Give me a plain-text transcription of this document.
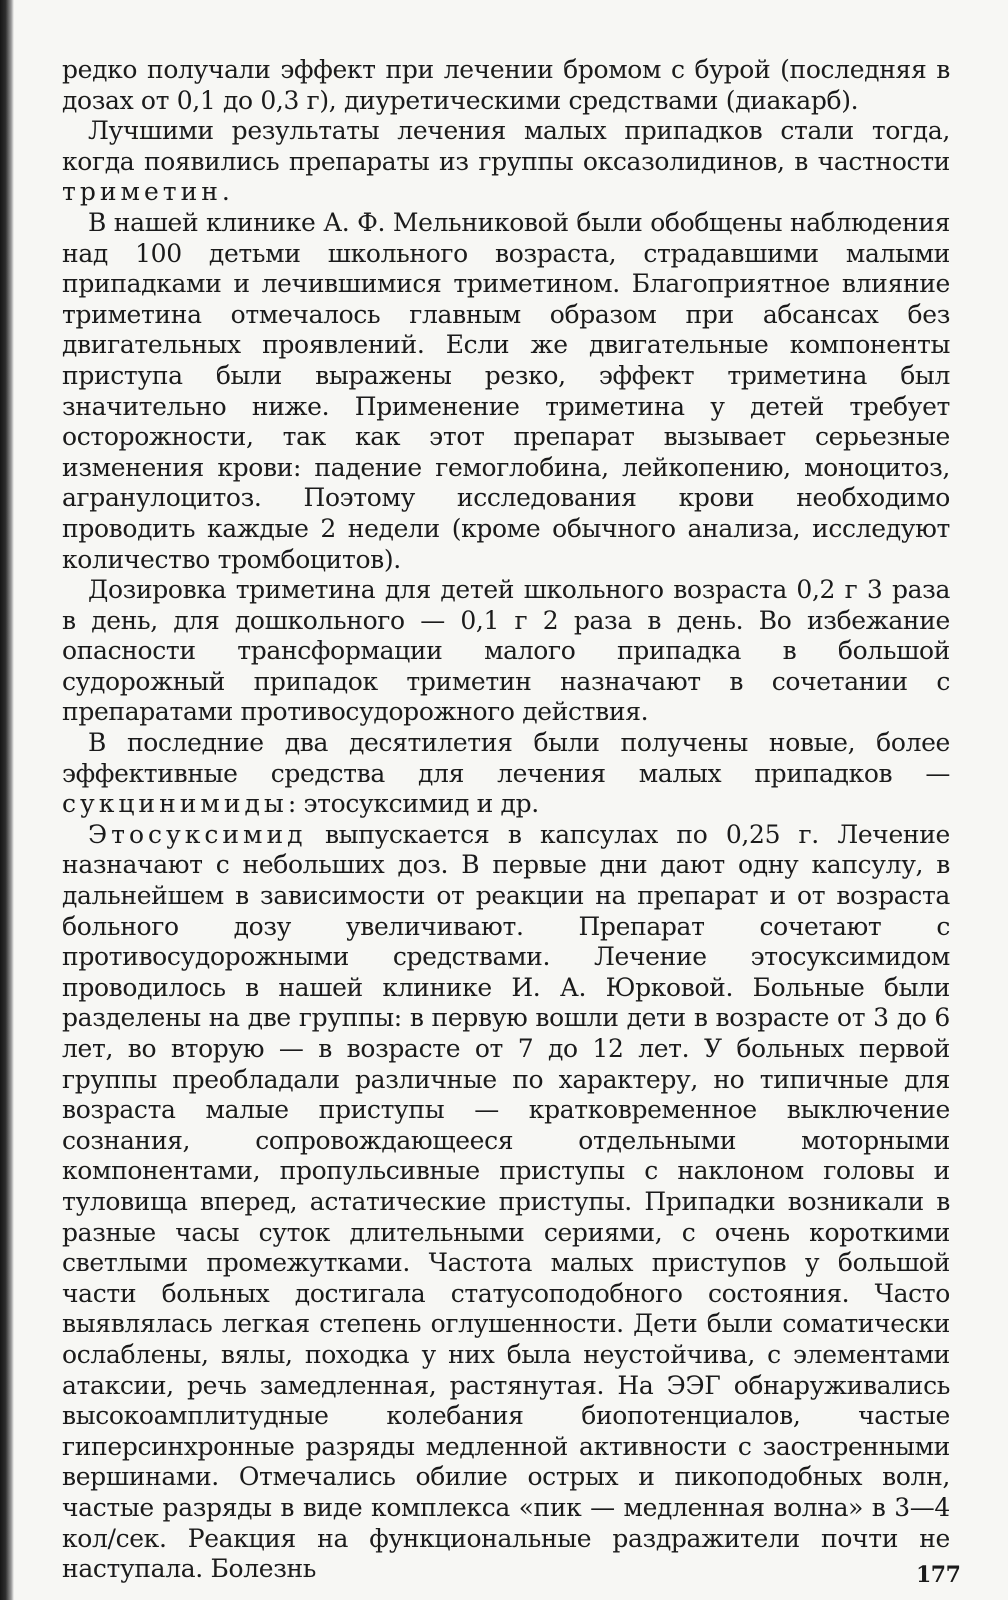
редко получали эффект при лечении бромом с бурой (последняя в дозах от 0,1 до 0,3 г), диуретическими средствами (диакарб).

Лучшими результаты лечения малых припадков стали тогда, когда появились препараты из группы оксазолидинов, в частности триметин.

В нашей клинике А. Ф. Мельниковой были обобщены наблюдения над 100 детьми школьного возраста, страдавшими малыми припадками и лечившимися триметином. Благоприятное влияние триметина отмечалось главным образом при абсансах без двигательных проявлений. Если же двигательные компоненты приступа были выражены резко, эффект триметина был значительно ниже. Применение триметина у детей требует осторожности, так как этот препарат вызывает серьезные изменения крови: падение гемоглобина, лейкопению, моноцитоз, агранулоцитоз. Поэтому исследования крови необходимо проводить каждые 2 недели (кроме обычного анализа, исследуют количество тромбоцитов).

Дозировка триметина для детей школьного возраста 0,2 г 3 раза в день, для дошкольного — 0,1 г 2 раза в день. Во избежание опасности трансформации малого припадка в большой судорожный припадок триметин назначают в сочетании с препаратами противосудорожного действия.

В последние два десятилетия были получены новые, более эффективные средства для лечения малых припадков — сукцинимиды: этосуксимид и др.

Этосуксимид выпускается в капсулах по 0,25 г. Лечение назначают с небольших доз. В первые дни дают одну капсулу, в дальнейшем в зависимости от реакции на препарат и от возраста больного дозу увеличивают. Препарат сочетают с противосудорожными средствами. Лечение этосуксимидом проводилось в нашей клинике И. А. Юрковой. Больные были разделены на две группы: в первую вошли дети в возрасте от 3 до 6 лет, во вторую — в возрасте от 7 до 12 лет. У больных первой группы преобладали различные по характеру, но типичные для возраста малые приступы — кратковременное выключение сознания, сопровождающееся отдельными моторными компонентами, пропульсивные приступы с наклоном головы и туловища вперед, астатические приступы. Припадки возникали в разные часы суток длительными сериями, с очень короткими светлыми промежутками. Частота малых приступов у большой части больных достигала статусоподобного состояния. Часто выявлялась легкая степень оглушенности. Дети были соматически ослаблены, вялы, походка у них была неустойчива, с элементами атаксии, речь замедленная, растянутая. На ЭЭГ обнаруживались высокоамплитудные колебания биопотенциалов, частые гиперсинхронные разряды медленной активности с заостренными вершинами. Отмечались обилие острых и пикоподобных волн, частые разряды в виде комплекса «пик — медленная волна» в 3—4 кол/сек. Реакция на функциональные раздражители почти не наступала. Болезнь	177
